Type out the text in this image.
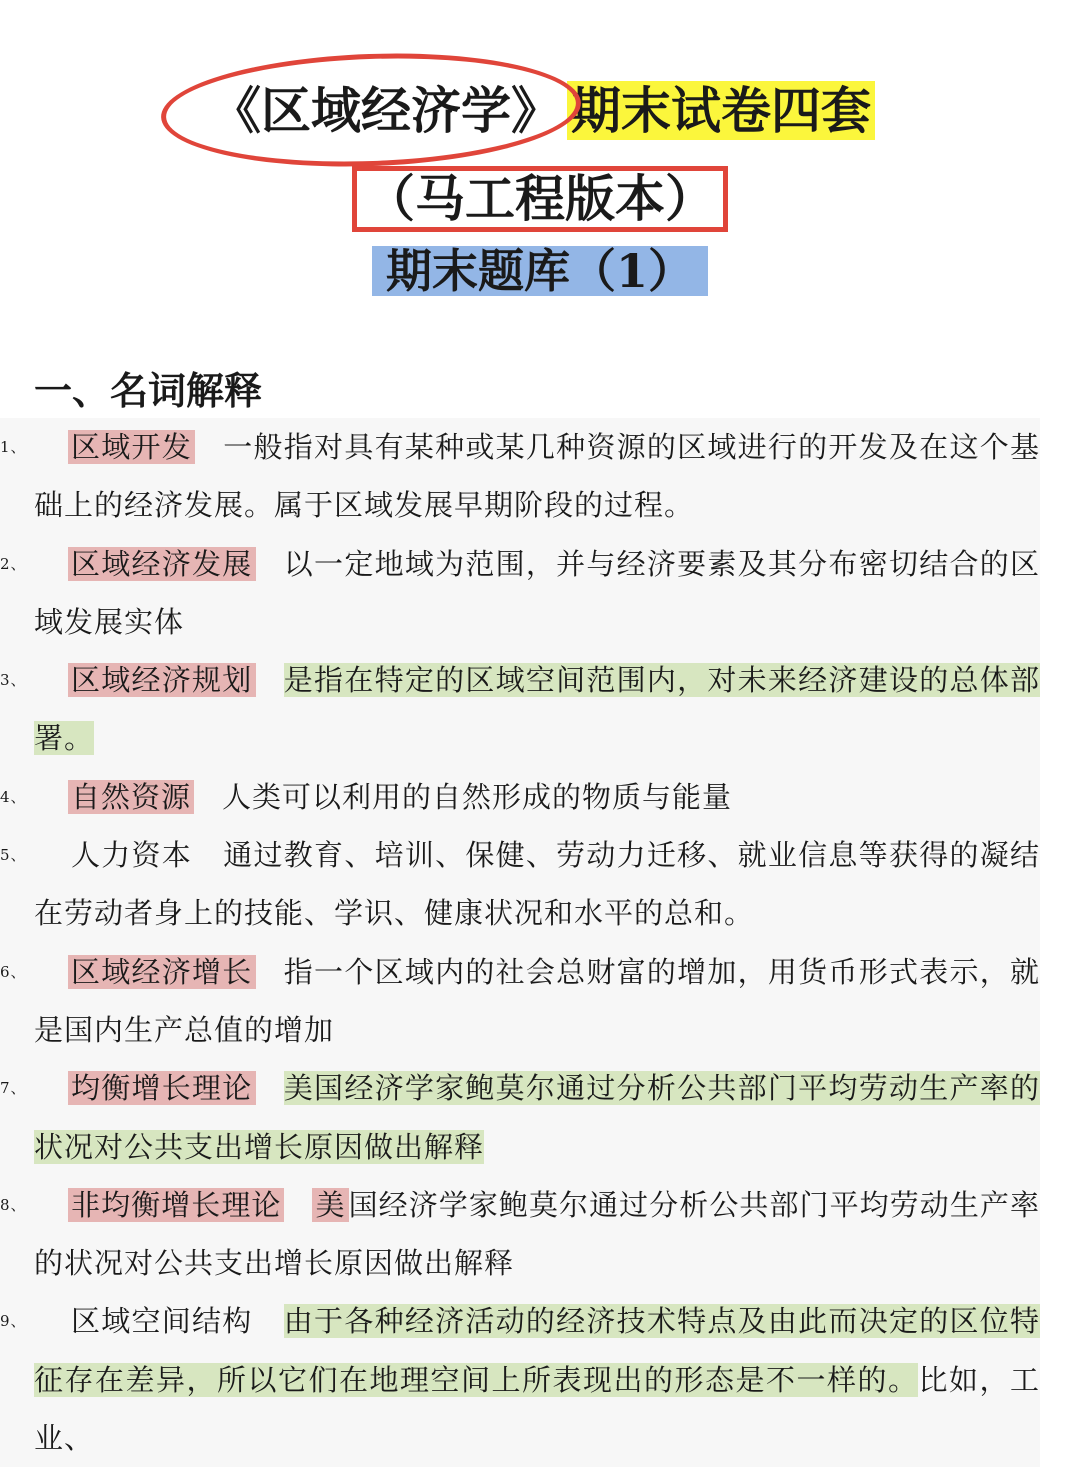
《区域经济学》 期末试卷四套
（马工程版本）
期末题库（1）
一、名词解释
1、 区域开发 一般指对具有某种或某几种资源的区域进行的开发及在这个基础上的经济发展。属于区域发展早期阶段的过程。
2、 区域经济发展 以一定地域为范围，并与经济要素及其分布密切结合的区域发展实体
3、 区域经济规划 是指在特定的区域空间范围内，对未来经济建设的总体部署。
4、 自然资源 人类可以利用的自然形成的物质与能量
5、 人力资本 通过教育、培训、保健、劳动力迁移、就业信息等获得的凝结在劳动者身上的技能、学识、健康状况和水平的总和。
6、 区域经济增长 指一个区域内的社会总财富的增加，用货币形式表示，就是国内生产总值的增加
7、 均衡增长理论 美国经济学家鲍莫尔通过分析公共部门平均劳动生产率的状况对公共支出增长原因做出解释
8、 非均衡增长理论 美 国经济学家鲍莫尔通过分析公共部门平均劳动生产率的状况对公共支出增长原因做出解释
9、 区域空间结构 由于各种经济活动的经济技术特点及由此而决定的区位特征存在差异，所以它们在地理空间上所表现出的形态是不一样的。比如，工业、
